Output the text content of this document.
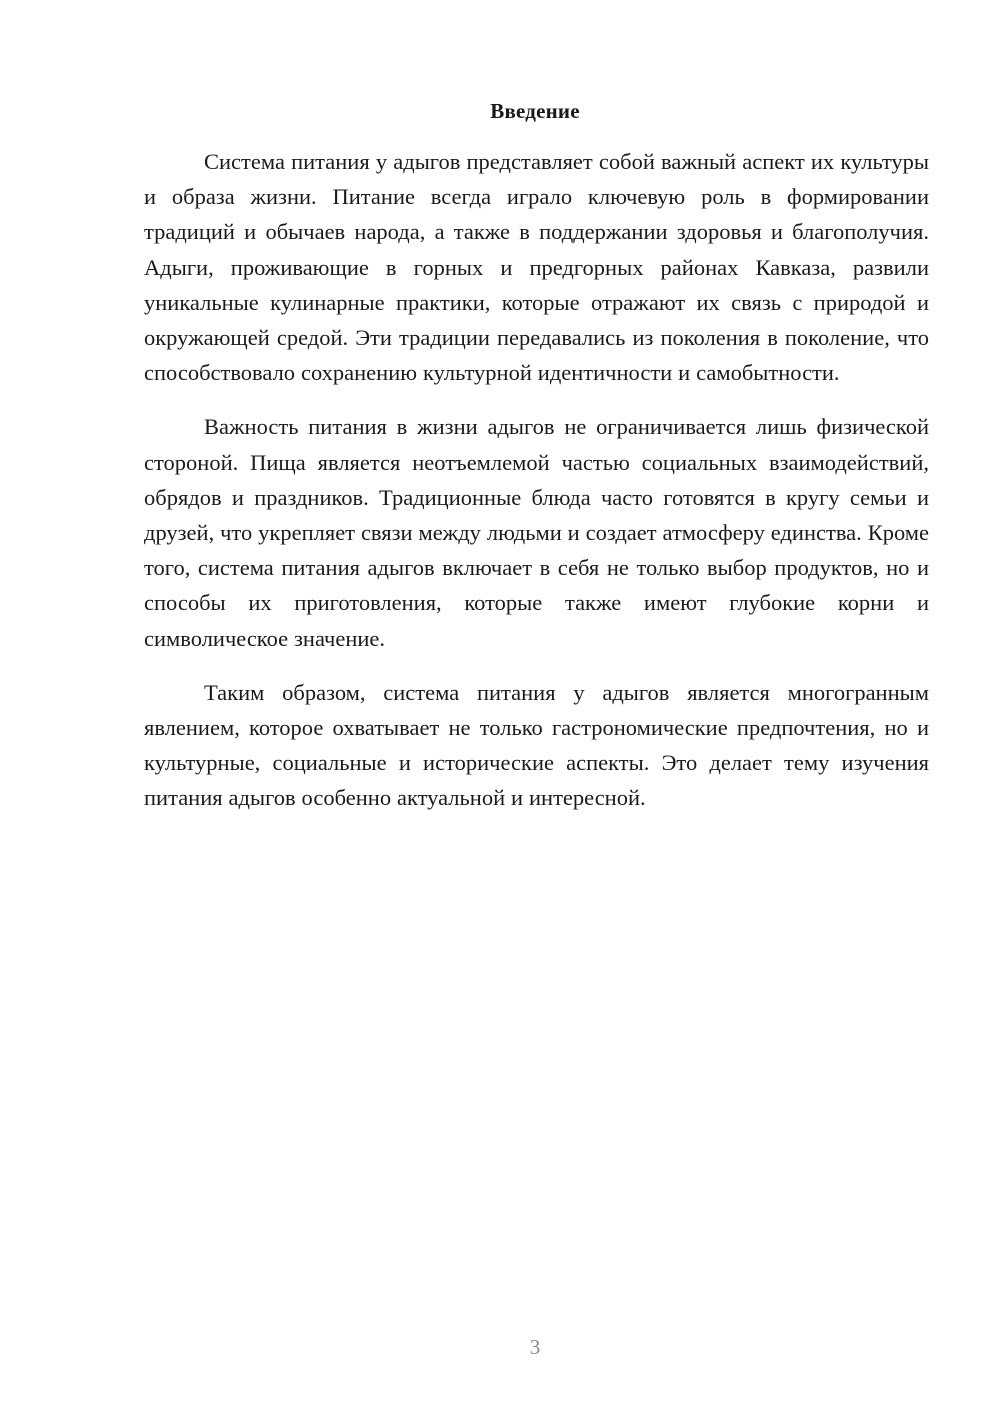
Введение

Система питания у адыгов представляет собой важный аспект их культуры и образа жизни. Питание всегда играло ключевую роль в формировании традиций и обычаев народа, а также в поддержании здоровья и благополучия. Адыги, проживающие в горных и предгорных районах Кавказа, развили уникальные кулинарные практики, которые отражают их связь с природой и окружающей средой. Эти традиции передавались из поколения в поколение, что способствовало сохранению культурной идентичности и самобытности.

Важность питания в жизни адыгов не ограничивается лишь физической стороной. Пища является неотъемлемой частью социальных взаимодействий, обрядов и праздников. Традиционные блюда часто готовятся в кругу семьи и друзей, что укрепляет связи между людьми и создает атмосферу единства. Кроме того, система питания адыгов включает в себя не только выбор продуктов, но и способы их приготовления, которые также имеют глубокие корни и символическое значение.

Таким образом, система питания у адыгов является многогранным явлением, которое охватывает не только гастрономические предпочтения, но и культурные, социальные и исторические аспекты. Это делает тему изучения питания адыгов особенно актуальной и интересной.

3
